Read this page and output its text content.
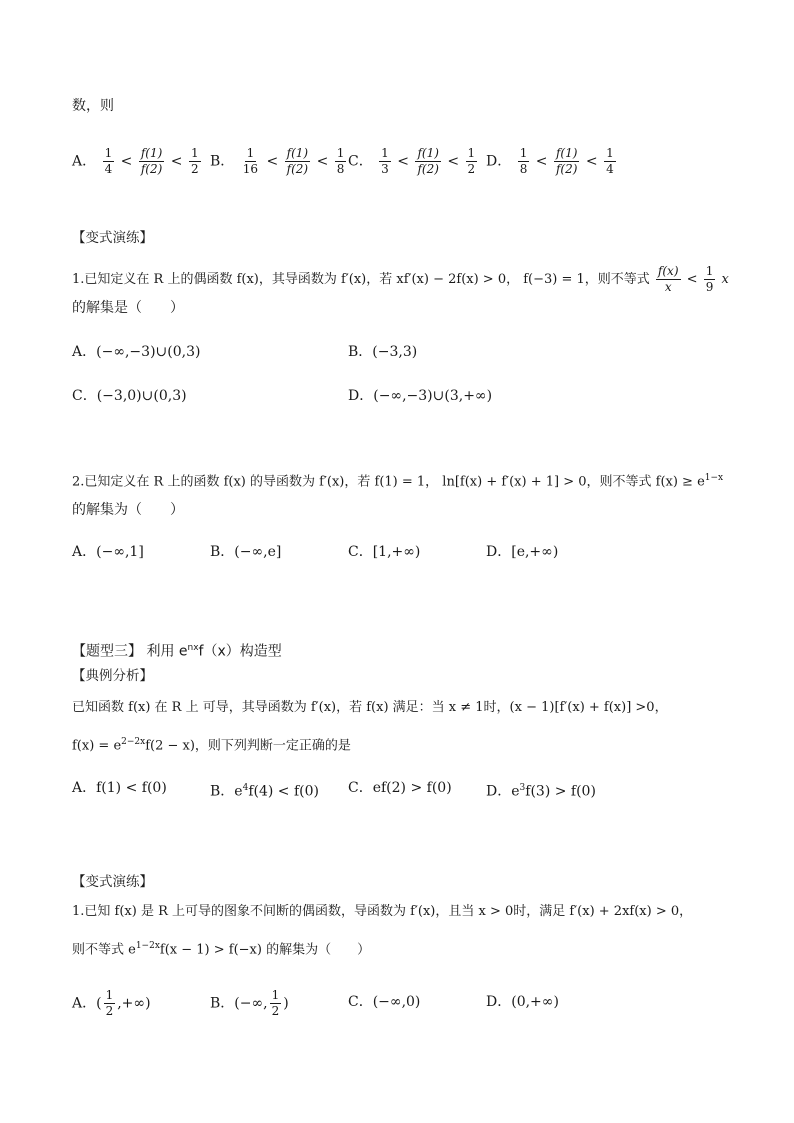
数，则
A． $\frac{1}{4} < \frac{f(1)}{f(2)} < \frac{1}{2}$ B． $\frac{1}{16} < \frac{f(1)}{f(2)} < \frac{1}{8}$ C． $\frac{1}{3} < \frac{f(1)}{f(2)} < \frac{1}{2}$ D． $\frac{1}{8} < \frac{f(1)}{f(2)} < \frac{1}{4}$
【变式演练】
1.已知定义在 R 上的偶函数 f(x)，其导函数为 f′(x)，若 xf′(x) − 2f(x) > 0， f(−3) = 1，则不等式 $\frac{f(x)}{x} < \frac{1}{9}$ x
的解集是（　　）
A．(−∞,−3)∪(0,3)	B．(−3,3)
C．(−3,0)∪(0,3)	D．(−∞,−3)∪(3,+∞)
2.已知定义在 R 上的函数 f(x) 的导函数为 f′(x)，若 f(1) = 1， ln[f(x) + f′(x) + 1] > 0，则不等式 $f(x) \ge e^{1-x}$
的解集为（　　）
A．(−∞,1]	B．(−∞,e]	C．[1,+∞)	D．[e,+∞)
【题型三】 利用 $e^{nx}f(x)$构造型
【典例分析】
已知函数 f(x) 在 R 上 可导，其导函数为 f′(x)，若 f(x) 满足：当 x ≠ 1时，(x − 1)[f′(x) + f(x)] >0，
$f(x) = e^{2-2x}f(2 - x)$，则下列判断一定正确的是
A．f(1) < f(0)	B．$e^4f(4) < f(0)$ C．ef(2) > f(0) D．$e^3f(3) > f(0)$
【变式演练】
1.已知 f(x) 是 R 上可导的图象不间断的偶函数，导函数为 f′(x)，且当 x > 0时，满足 f′(x) + 2xf(x) > 0，
则不等式 $e^{1-2x}f(x - 1) > f(-x)$ 的解集为（　　）
A．( $\frac{1}{2}$ ,+∞)	B．(−∞, $\frac{1}{2}$ )	C．(−∞,0)	D．(0,+∞)
